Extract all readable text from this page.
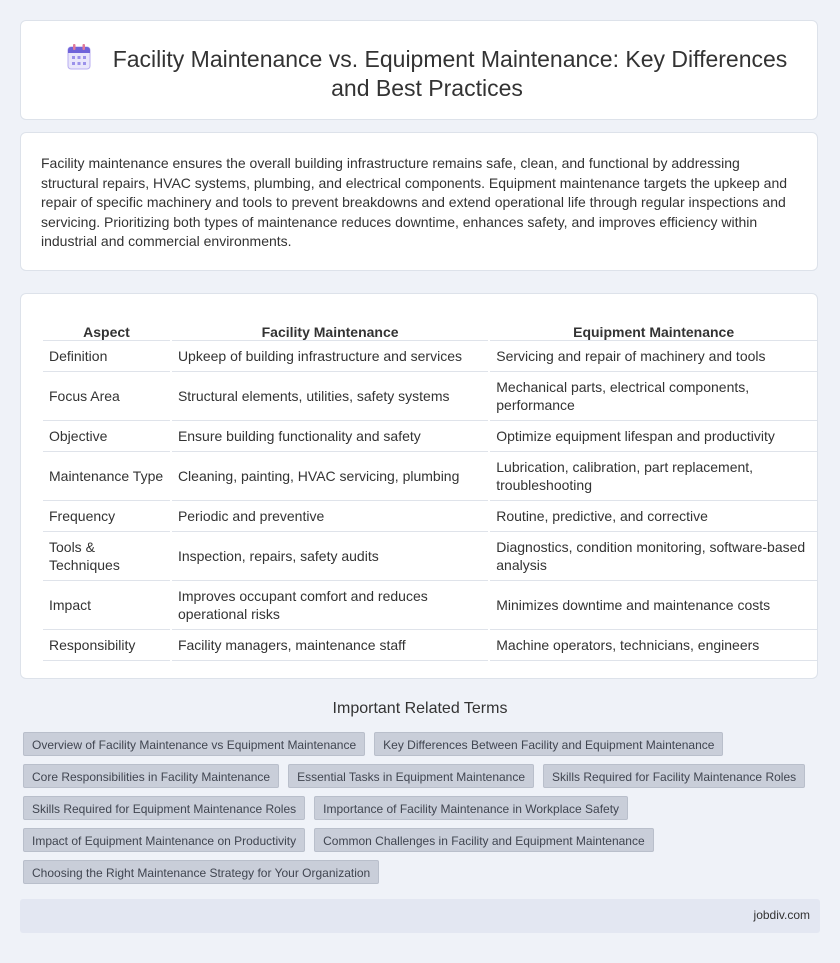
Facility Maintenance vs. Equipment Maintenance: Key Differences and Best Practices

Facility maintenance ensures the overall building infrastructure remains safe, clean, and functional by addressing structural repairs, HVAC systems, plumbing, and electrical components. Equipment maintenance targets the upkeep and repair of specific machinery and tools to prevent breakdowns and extend operational life through regular inspections and servicing. Prioritizing both types of maintenance reduces downtime, enhances safety, and improves efficiency within industrial and commercial environments.

Aspect	Facility Maintenance	Equipment Maintenance
Definition	Upkeep of building infrastructure and services	Servicing and repair of machinery and tools
Focus Area	Structural elements, utilities, safety systems	Mechanical parts, electrical components, performance
Objective	Ensure building functionality and safety	Optimize equipment lifespan and productivity
Maintenance Type	Cleaning, painting, HVAC servicing, plumbing	Lubrication, calibration, part replacement, troubleshooting
Frequency	Periodic and preventive	Routine, predictive, and corrective
Tools & Techniques	Inspection, repairs, safety audits	Diagnostics, condition monitoring, software-based analysis
Impact	Improves occupant comfort and reduces operational risks	Minimizes downtime and maintenance costs
Responsibility	Facility managers, maintenance staff	Machine operators, technicians, engineers
Important Related Terms
Overview of Facility Maintenance vs Equipment Maintenance Key Differences Between Facility and Equipment Maintenance
Core Responsibilities in Facility Maintenance Essential Tasks in Equipment Maintenance Skills Required for Facility Maintenance Roles
Skills Required for Equipment Maintenance Roles Importance of Facility Maintenance in Workplace Safety
Impact of Equipment Maintenance on Productivity Common Challenges in Facility and Equipment Maintenance
Choosing the Right Maintenance Strategy for Your Organization
jobdiv.com
